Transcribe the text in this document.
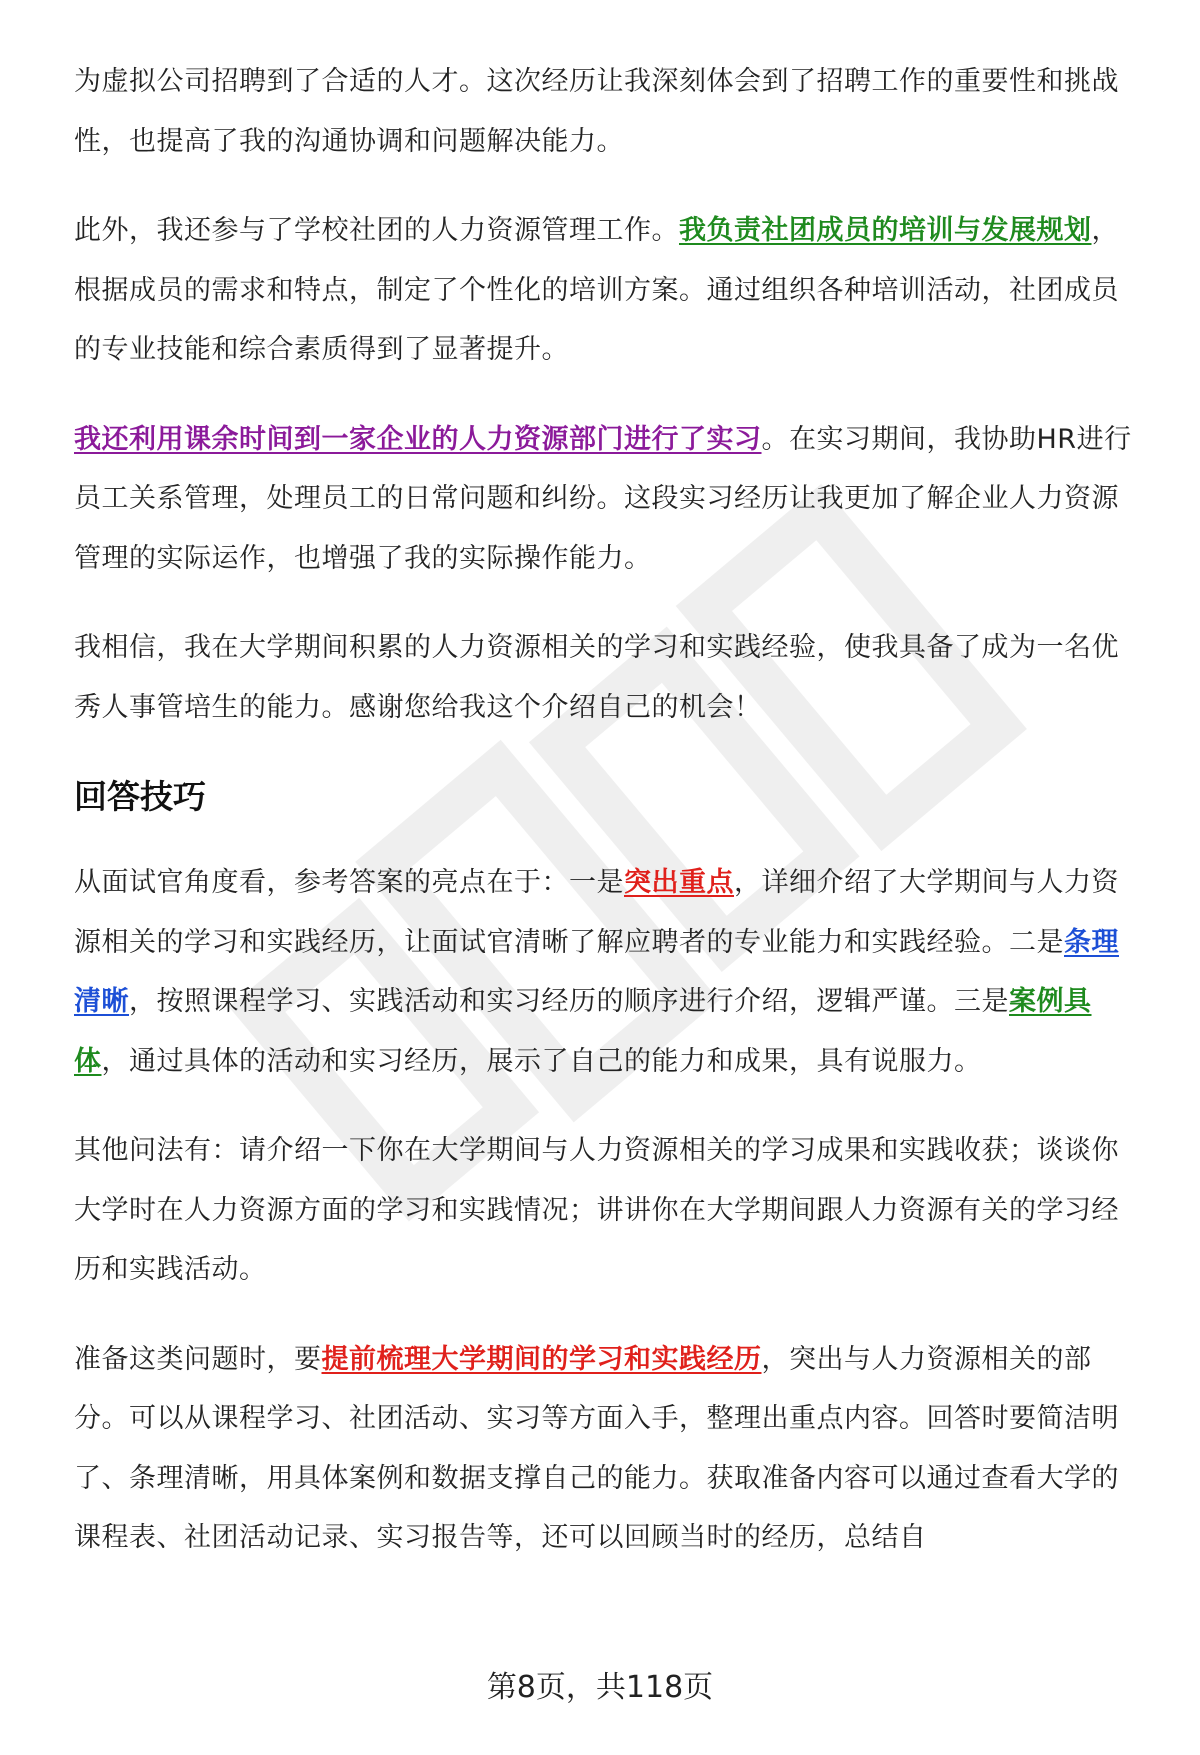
为虚拟公司招聘到了合适的人才。这次经历让我深刻体会到了招聘工作的重要性和挑战性，也提高了我的沟通协调和问题解决能力。

此外，我还参与了学校社团的人力资源管理工作。我负责社团成员的培训与发展规划，根据成员的需求和特点，制定了个性化的培训方案。通过组织各种培训活动，社团成员的专业技能和综合素质得到了显著提升。

我还利用课余时间到一家企业的人力资源部门进行了实习。在实习期间，我协助HR进行员工关系管理，处理员工的日常问题和纠纷。这段实习经历让我更加了解企业人力资源管理的实际运作，也增强了我的实际操作能力。

我相信，我在大学期间积累的人力资源相关的学习和实践经验，使我具备了成为一名优秀人事管培生的能力。感谢您给我这个介绍自己的机会！

回答技巧

从面试官角度看，参考答案的亮点在于：一是突出重点，详细介绍了大学期间与人力资源相关的学习和实践经历，让面试官清晰了解应聘者的专业能力和实践经验。二是条理清晰，按照课程学习、实践活动和实习经历的顺序进行介绍，逻辑严谨。三是案例具体，通过具体的活动和实习经历，展示了自己的能力和成果，具有说服力。

其他问法有：请介绍一下你在大学期间与人力资源相关的学习成果和实践收获；谈谈你大学时在人力资源方面的学习和实践情况；讲讲你在大学期间跟人力资源有关的学习经历和实践活动。

准备这类问题时，要提前梳理大学期间的学习和实践经历，突出与人力资源相关的部分。可以从课程学习、社团活动、实习等方面入手，整理出重点内容。回答时要简洁明了、条理清晰，用具体案例和数据支撑自己的能力。获取准备内容可以通过查看大学的课程表、社团活动记录、实习报告等，还可以回顾当时的经历，总结自

第8页，共118页
